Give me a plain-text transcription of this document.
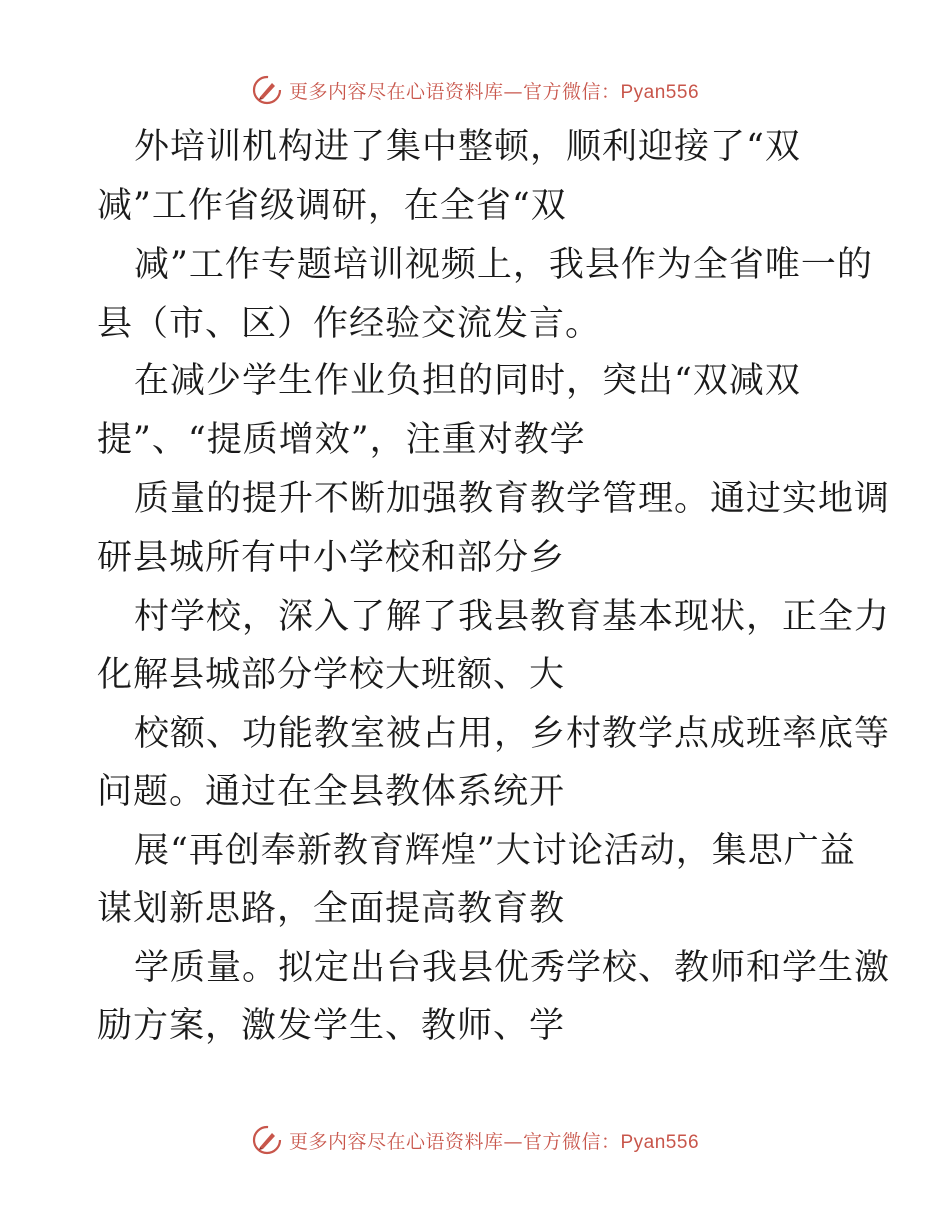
更多内容尽在心语资料库—官方微信：Pyan556
外培训机构进了集中整顿，顺利迎接了“双
减”工作省级调研，在全省“双
减”工作专题培训视频上，我县作为全省唯一的
县（市、区）作经验交流发言。
在减少学生作业负担的同时，突出“双减双
提”、“提质增效”，注重对教学
质量的提升不断加强教育教学管理。通过实地调
研县城所有中小学校和部分乡
村学校，深入了解了我县教育基本现状，正全力
化解县城部分学校大班额、大
校额、功能教室被占用，乡村教学点成班率底等
问题。通过在全县教体系统开
展“再创奉新教育辉煌”大讨论活动，集思广益
谋划新思路，全面提高教育教
学质量。拟定出台我县优秀学校、教师和学生激
励方案，激发学生、教师、学
更多内容尽在心语资料库—官方微信：Pyan556
